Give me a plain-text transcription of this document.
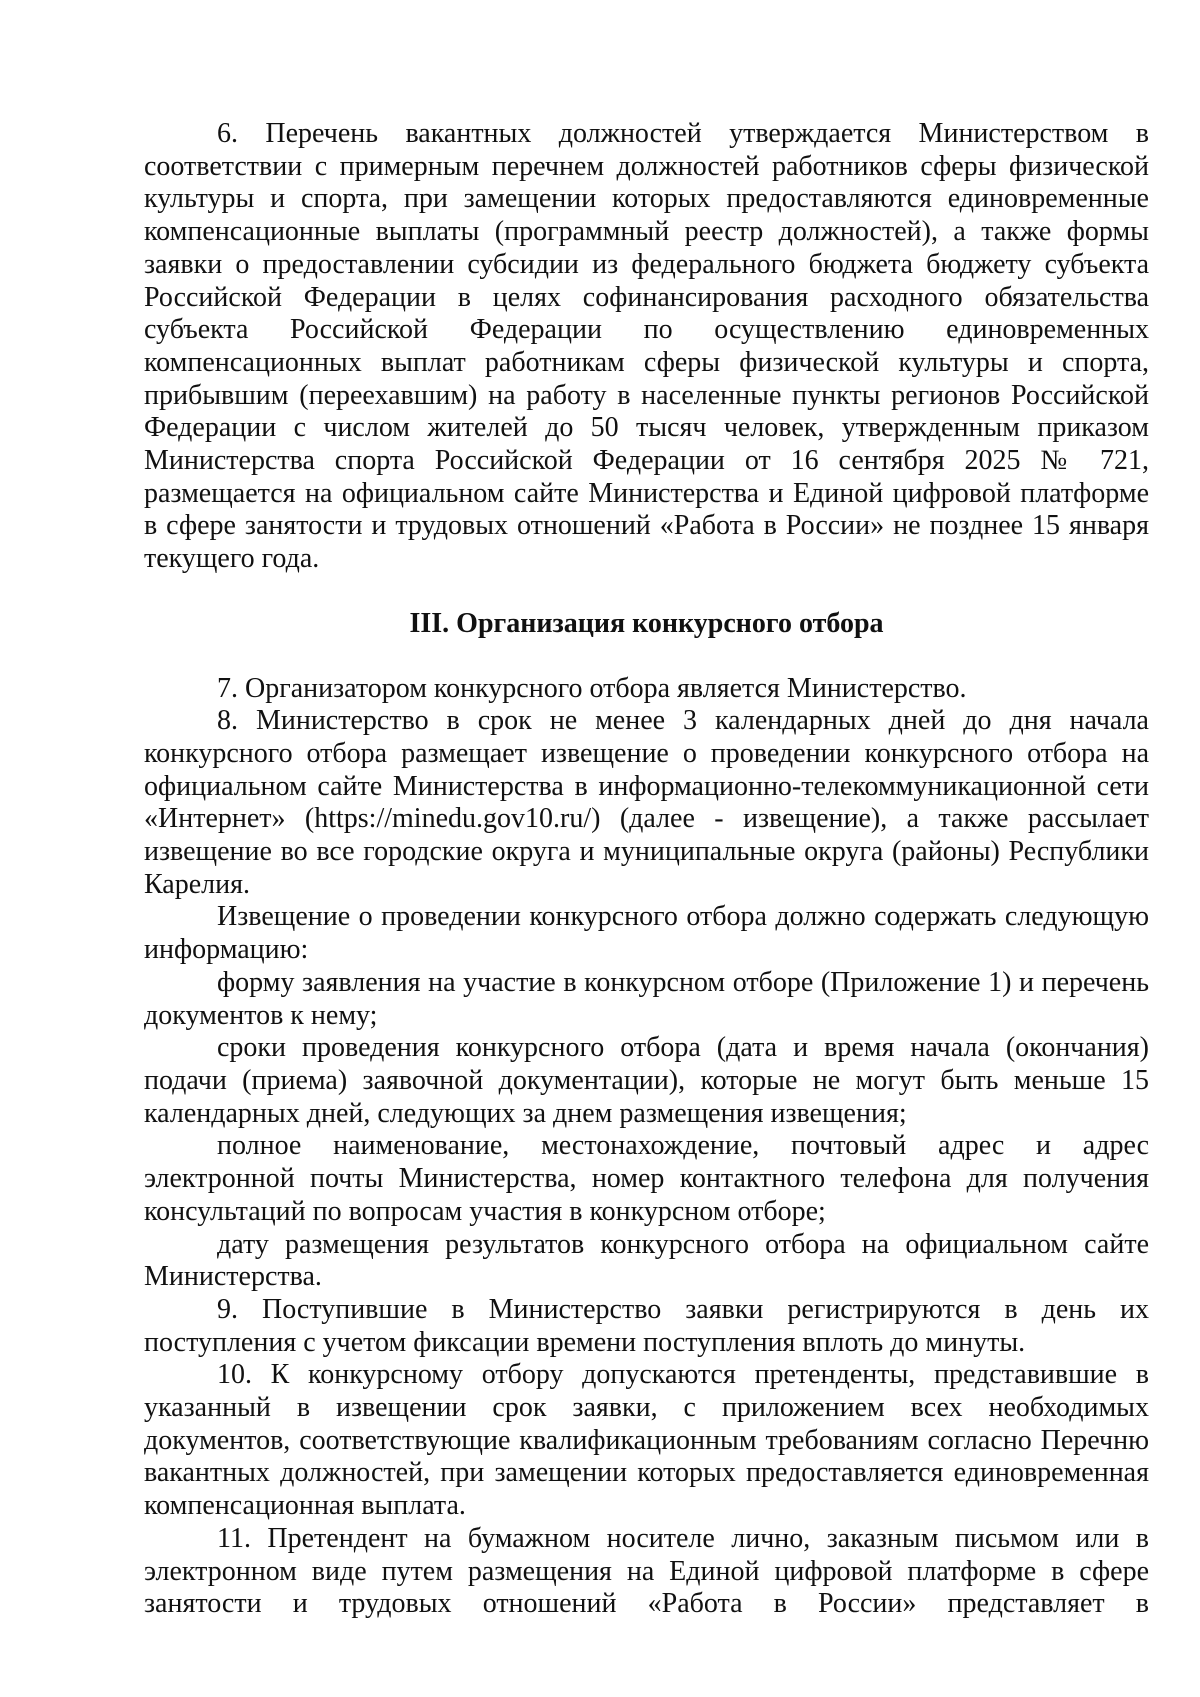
6. Перечень вакантных должностей утверждается Министерством в соответствии с примерным перечнем должностей работников сферы физической культуры и спорта, при замещении которых предоставляются единовременные компенсационные выплаты (программный реестр должностей), а также формы заявки о предоставлении субсидии из федерального бюджета бюджету субъекта Российской Федерации в целях софинансирования расходного обязательства субъекта Российской Федерации по осуществлению единовременных компенсационных выплат работникам сферы физической культуры и спорта, прибывшим (переехавшим) на работу в населенные пункты регионов Российской Федерации с числом жителей до 50 тысяч человек, утвержденным приказом Министерства спорта Российской Федерации от 16 сентября 2025 № 721, размещается на официальном сайте Министерства и Единой цифровой платформе в сфере занятости и трудовых отношений «Работа в России» не позднее 15 января текущего года.

III. Организация конкурсного отбора

7. Организатором конкурсного отбора является Министерство.

8. Министерство в срок не менее 3 календарных дней до дня начала конкурсного отбора размещает извещение о проведении конкурсного отбора на официальном сайте Министерства в информационно-телекоммуникационной сети «Интернет» (https://minedu.gov10.ru/) (далее - извещение), а также рассылает извещение во все городские округа и муниципальные округа (районы) Республики Карелия.

Извещение о проведении конкурсного отбора должно содержать следующую информацию:

форму заявления на участие в конкурсном отборе (Приложение 1) и перечень документов к нему;

сроки проведения конкурсного отбора (дата и время начала (окончания) подачи (приема) заявочной документации), которые не могут быть меньше 15 календарных дней, следующих за днем размещения извещения;

полное наименование, местонахождение, почтовый адрес и адрес электронной почты Министерства, номер контактного телефона для получения консультаций по вопросам участия в конкурсном отборе;

дату размещения результатов конкурсного отбора на официальном сайте Министерства.

9. Поступившие в Министерство заявки регистрируются в день их поступления с учетом фиксации времени поступления вплоть до минуты.

10. К конкурсному отбору допускаются претенденты, представившие в указанный в извещении срок заявки, с приложением всех необходимых документов, соответствующие квалификационным требованиям согласно Перечню вакантных должностей, при замещении которых предоставляется единовременная компенсационная выплата.

11. Претендент на бумажном носителе лично, заказным письмом или в электронном виде путем размещения на Единой цифровой платформе в сфере занятости и трудовых отношений «Работа в России» представляет в
